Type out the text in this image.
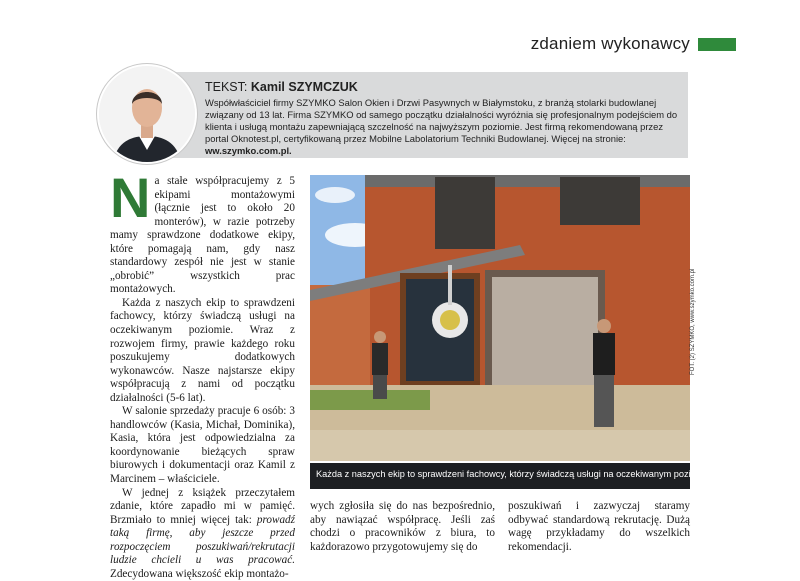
zdaniem wykonawcy
TEKST: Kamil SZYMCZUK

Współwłaściciel firmy SZYMKO Salon Okien i Drzwi Pasywnych w Białymstoku, z branżą stolarki budowlanej związany od 13 lat. Firma SZYMKO od samego początku działalności wyróżnia się profesjonalnym podejściem do klienta i usługą montażu zapewniającą szczelność na najwyższym poziomie. Jest firmą rekomendowaną przez portal Oknotest.pl, certyfikowaną przez Mobilne Labolatorium Techniki Budowlanej. Więcej na stronie: ww.szymko.com.pl.

Na stałe współpracujemy z 5 ekipami montażowymi (łącznie jest to około 20 monterów), w razie potrzeby mamy sprawdzone dodatkowe ekipy, które pomagają nam, gdy nasz standardowy zespół nie jest w stanie „obrobić” wszystkich prac montażowych.

Każda z naszych ekip to sprawdzeni fachowcy, którzy świadczą usługi na oczekiwanym poziomie. Wraz z rozwojem firmy, prawie każdego roku poszukujemy dodatkowych wykonawców. Nasze najstarsze ekipy współpracują z nami od początku działalności (5-6 lat).

W salonie sprzedaży pracuje 6 osób: 3 handlowców (Kasia, Michał, Dominika), Kasia, która jest odpowiedzialna za koordynowanie bieżących spraw biurowych i dokumentacji oraz Kamil z Marcinem – właściciele.

W jednej z książek przeczytałem zdanie, które zapadło mi w pamięć. Brzmiało to mniej więcej tak: prowadź taką firmę, aby jeszcze przed rozpoczęciem poszukiwań/rekrutacji ludzie chcieli u was pracować. Zdecydowana większość ekip montażo-

FOT. (2) SZYMKO, www.szymko.com.pl
Każda z naszych ekip to sprawdzeni fachowcy, którzy świadczą usługi na oczekiwanym poziomie.

wych zgłosiła się do nas bezpośrednio, aby nawiązać współpracę. Jeśli zaś chodzi o pracowników z biura, to każdorazowo przygotowujemy się do

poszukiwań i zazwyczaj staramy odbywać standardową rekrutację. Dużą wagę przykładamy do wszelkich rekomendacji.
